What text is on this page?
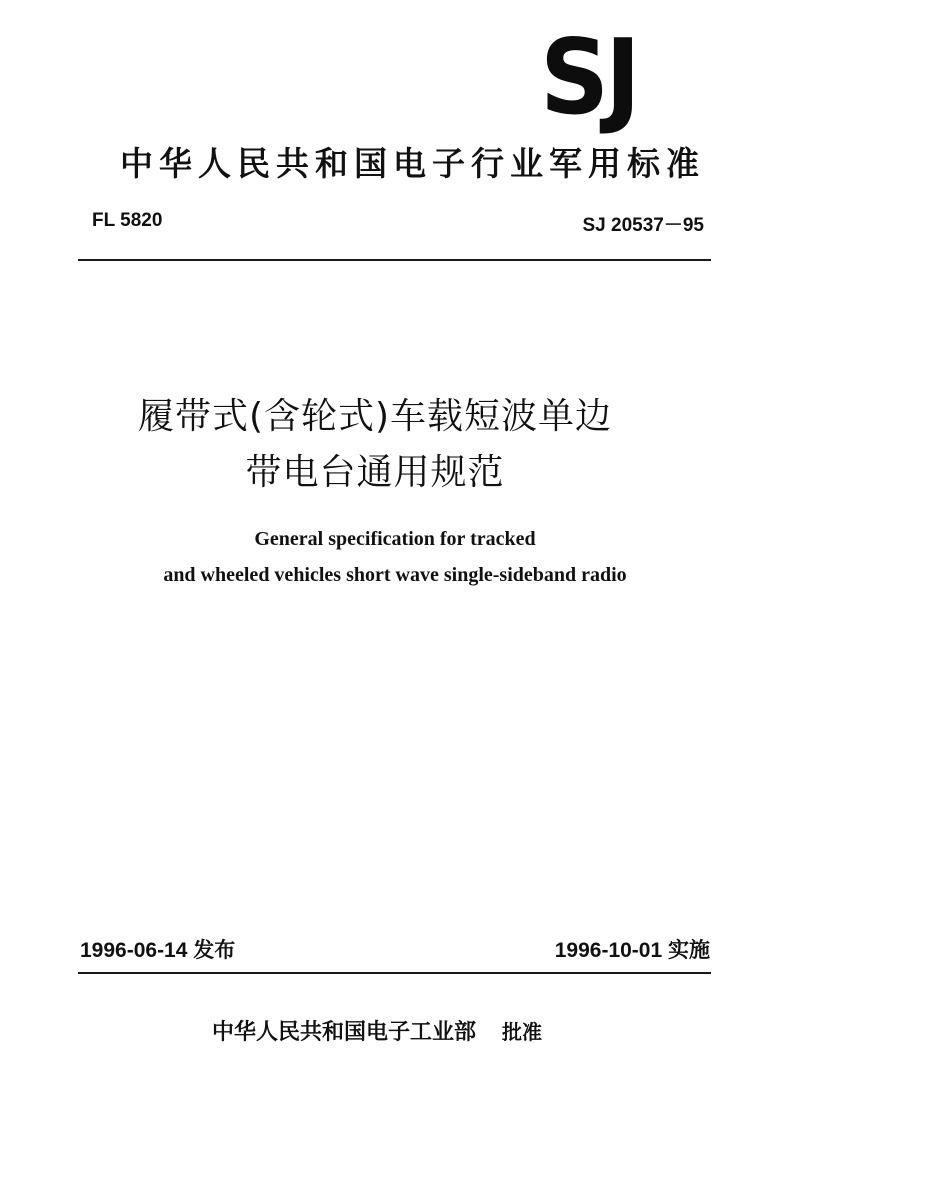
SJ
中华人民共和国电子行业军用标准
FL 5820	SJ 20537－95
履带式(含轮式)车载短波单边
带电台通用规范
General specification for tracked
and wheeled vehicles short wave single-sideband radio
1996-06-14 发布	1996-10-01 实施
中华人民共和国电子工业部 批准
